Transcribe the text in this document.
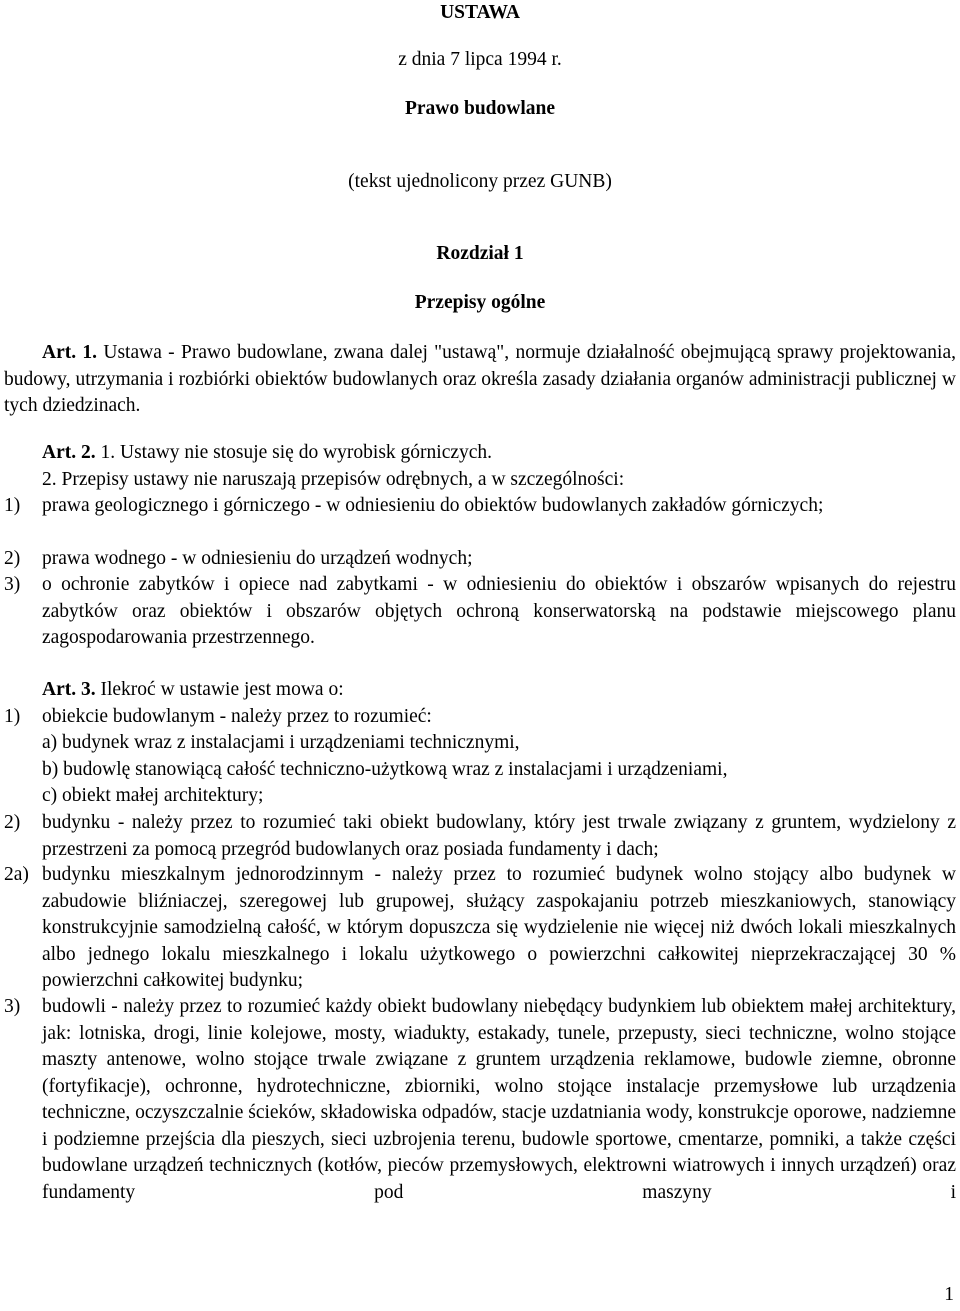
USTAWA
z dnia 7 lipca 1994 r.
Prawo budowlane
(tekst ujednolicony przez GUNB)
Rozdział 1
Przepisy ogólne
Art. 1. Ustawa - Prawo budowlane, zwana dalej "ustawą", normuje działalność obejmującą sprawy projektowania, budowy, utrzymania i rozbiórki obiektów budowlanych oraz określa zasady działania organów administracji publicznej w tych dziedzinach.
Art. 2. 1. Ustawy nie stosuje się do wyrobisk górniczych.
2. Przepisy ustawy nie naruszają przepisów odrębnych, a w szczególności:
1)	prawa geologicznego i górniczego - w odniesieniu do obiektów budowlanych zakładów górniczych;
2)	prawa wodnego - w odniesieniu do urządzeń wodnych;
3)	o ochronie zabytków i opiece nad zabytkami - w odniesieniu do obiektów i obszarów wpisanych do rejestru zabytków oraz obiektów i obszarów objętych ochroną konserwatorską na podstawie miejscowego planu zagospodarowania przestrzennego.
Art. 3. Ilekroć w ustawie jest mowa o:
1)	obiekcie budowlanym - należy przez to rozumieć:
a) budynek wraz z instalacjami i urządzeniami technicznymi,
b) budowlę stanowiącą całość techniczno-użytkową wraz z instalacjami i urządzeniami,
c) obiekt małej architektury;
2)	budynku - należy przez to rozumieć taki obiekt budowlany, który jest trwale związany z gruntem, wydzielony z przestrzeni za pomocą przegród budowlanych oraz posiada fundamenty i dach;
2a) budynku mieszkalnym jednorodzinnym - należy przez to rozumieć budynek wolno stojący albo budynek w zabudowie bliźniaczej, szeregowej lub grupowej, służący zaspokajaniu potrzeb mieszkaniowych, stanowiący konstrukcyjnie samodzielną całość, w którym dopuszcza się wydzielenie nie więcej niż dwóch lokali mieszkalnych albo jednego lokalu mieszkalnego i lokalu użytkowego o powierzchni całkowitej nieprzekraczającej 30 % powierzchni całkowitej budynku;
3)	budowli - należy przez to rozumieć każdy obiekt budowlany niebędący budynkiem lub obiektem małej architektury, jak: lotniska, drogi, linie kolejowe, mosty, wiadukty, estakady, tunele, przepusty, sieci techniczne, wolno stojące maszty antenowe, wolno stojące trwale związane z gruntem urządzenia reklamowe, budowle ziemne, obronne (fortyfikacje), ochronne, hydrotechniczne, zbiorniki, wolno stojące instalacje przemysłowe lub urządzenia techniczne, oczyszczalnie ścieków, składowiska odpadów, stacje uzdatniania wody, konstrukcje oporowe, nadziemne i podziemne przejścia dla pieszych, sieci uzbrojenia terenu, budowle sportowe, cmentarze, pomniki, a także części budowlane urządzeń technicznych (kotłów, pieców przemysłowych, elektrowni wiatrowych i innych urządzeń) oraz fundamenty pod maszyny i
1
